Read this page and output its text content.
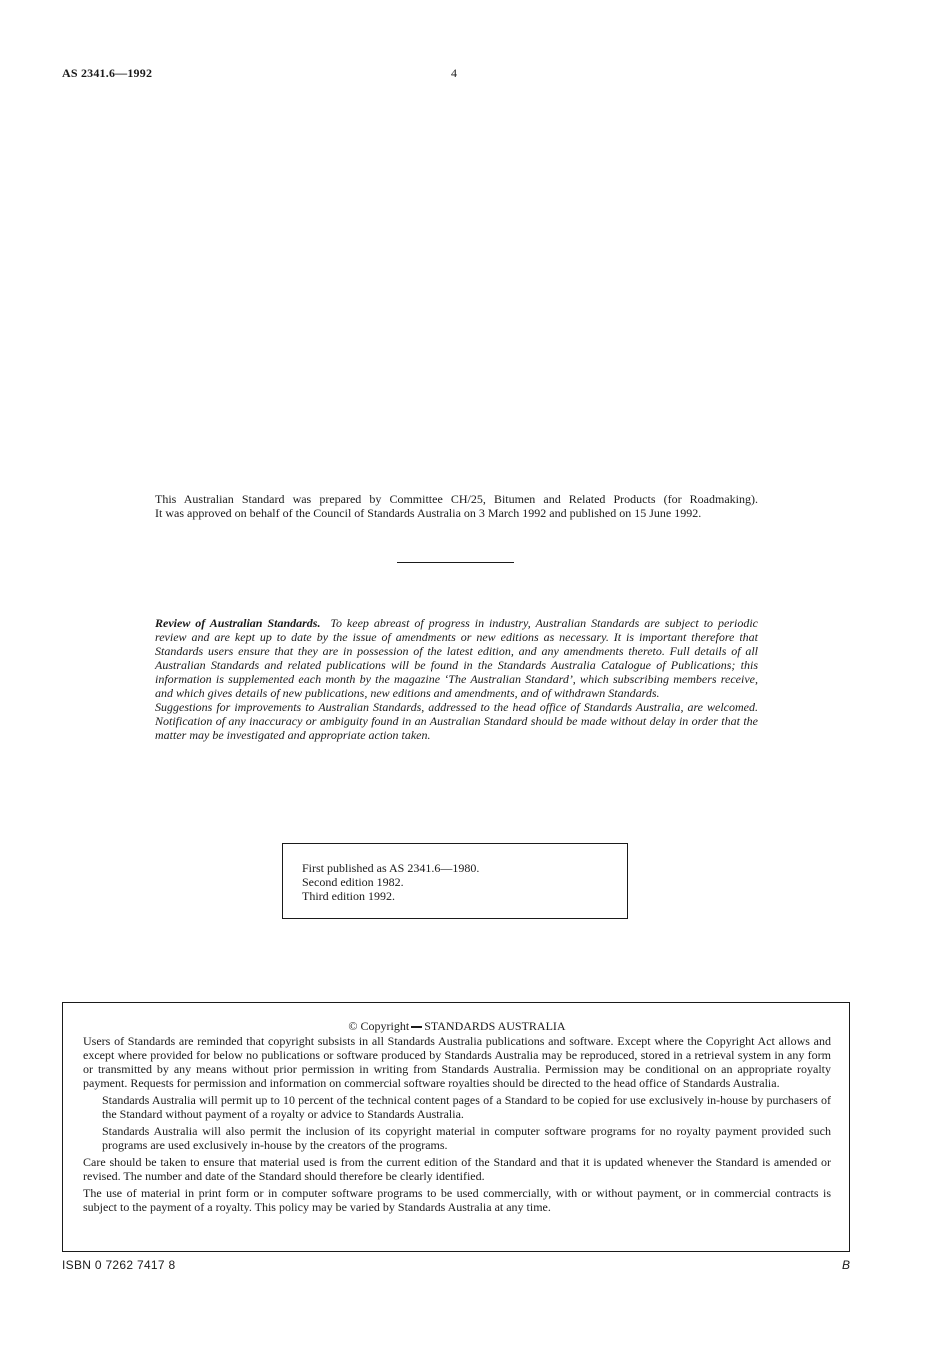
AS 2341.6—1992	4

This Australian Standard was prepared by Committee CH/25, Bitumen and Related Products (for Roadmaking).

It was approved on behalf of the Council of Standards Australia on 3 March 1992 and published on 15 June 1992.

Review of Australian Standards. To keep abreast of progress in industry, Australian Standards are subject to periodic review and are kept up to date by the issue of amendments or new editions as necessary. It is important therefore that Standards users ensure that they are in possession of the latest edition, and any amendments thereto. Full details of all Australian Standards and related publications will be found in the Standards Australia Catalogue of Publications; this information is supplemented each month by the magazine ‘The Australian Standard’, which subscribing members receive, and which gives details of new publications, new editions and amendments, and of withdrawn Standards.

Suggestions for improvements to Australian Standards, addressed to the head office of Standards Australia, are welcomed. Notification of any inaccuracy or ambiguity found in an Australian Standard should be made without delay in order that the matter may be investigated and appropriate action taken.

First published as AS 2341.6—1980.
Second edition 1982.
Third edition 1992.
© Copyright STANDARDS AUSTRALIA

Users of Standards are reminded that copyright subsists in all Standards Australia publications and software. Except where the Copyright Act allows and except where provided for below no publications or software produced by Standards Australia may be reproduced, stored in a retrieval system in any form or transmitted by any means without prior permission in writing from Standards Australia. Permission may be conditional on an appropriate royalty payment. Requests for permission and information on commercial software royalties should be directed to the head office of Standards Australia.

Standards Australia will permit up to 10 percent of the technical content pages of a Standard to be copied for use exclusively in-house by purchasers of the Standard without payment of a royalty or advice to Standards Australia.

Standards Australia will also permit the inclusion of its copyright material in computer software programs for no royalty payment provided such programs are used exclusively in-house by the creators of the programs.

Care should be taken to ensure that material used is from the current edition of the Standard and that it is updated whenever the Standard is amended or revised. The number and date of the Standard should therefore be clearly identified.

The use of material in print form or in computer software programs to be used commercially, with or without payment, or in commercial contracts is subject to the payment of a royalty. This policy may be varied by Standards Australia at any time.

ISBN 0 7262 7417 8	B
